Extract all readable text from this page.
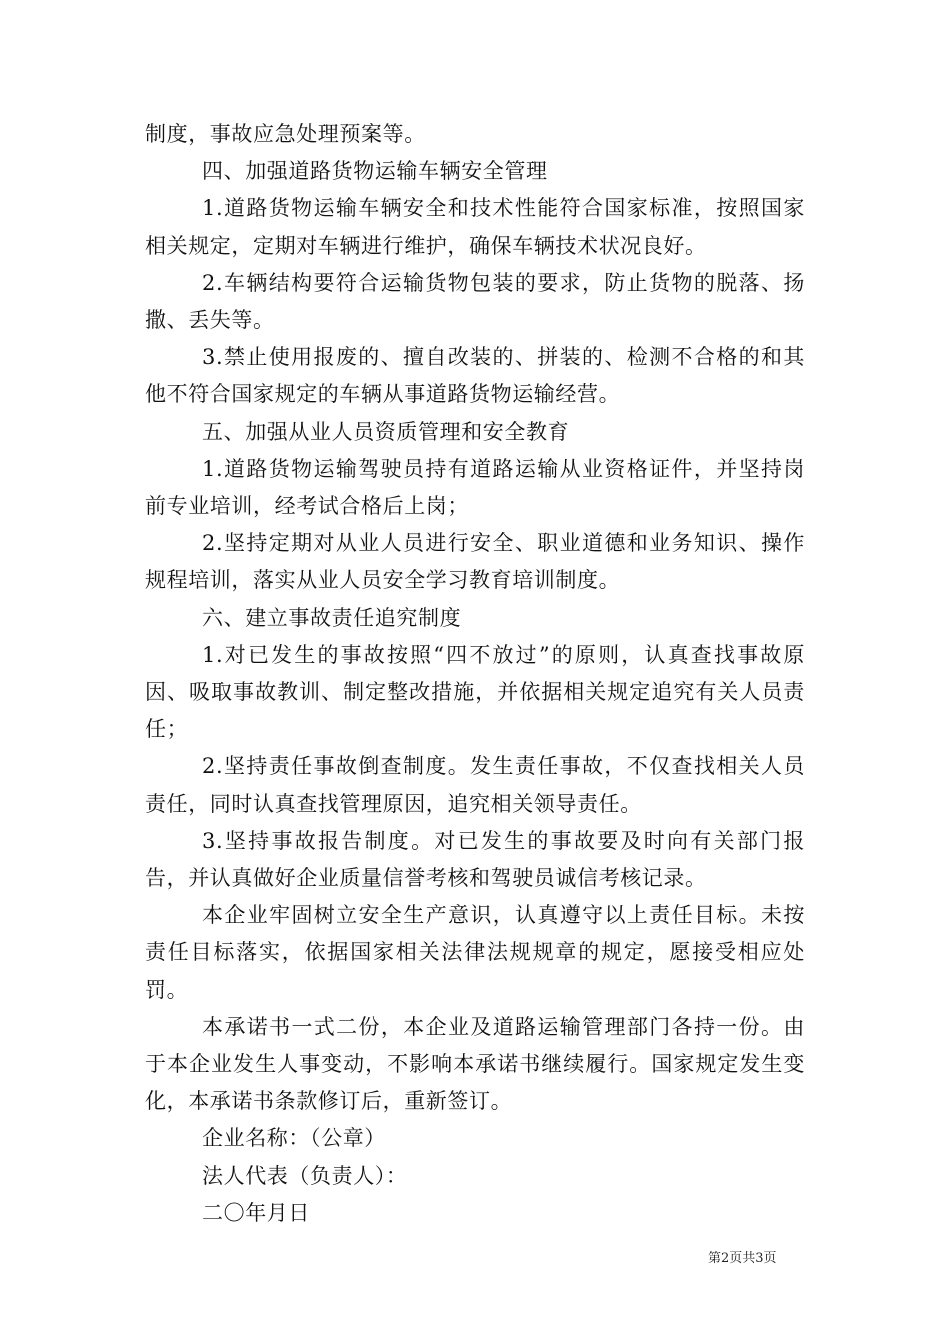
制度，事故应急处理预案等。

四、加强道路货物运输车辆安全管理

1.道路货物运输车辆安全和技术性能符合国家标准，按照国家相关规定，定期对车辆进行维护，确保车辆技术状况良好。

2.车辆结构要符合运输货物包装的要求，防止货物的脱落、扬撒、丢失等。

3.禁止使用报废的、擅自改装的、拼装的、检测不合格的和其他不符合国家规定的车辆从事道路货物运输经营。

五、加强从业人员资质管理和安全教育

1.道路货物运输驾驶员持有道路运输从业资格证件，并坚持岗前专业培训，经考试合格后上岗；

2.坚持定期对从业人员进行安全、职业道德和业务知识、操作规程培训，落实从业人员安全学习教育培训制度。

六、建立事故责任追究制度

1.对已发生的事故按照“四不放过”的原则，认真查找事故原因、吸取事故教训、制定整改措施，并依据相关规定追究有关人员责任；

2.坚持责任事故倒查制度。发生责任事故，不仅查找相关人员责任，同时认真查找管理原因，追究相关领导责任。

3.坚持事故报告制度。对已发生的事故要及时向有关部门报告，并认真做好企业质量信誉考核和驾驶员诚信考核记录。

本企业牢固树立安全生产意识，认真遵守以上责任目标。未按责任目标落实，依据国家相关法律法规规章的规定，愿接受相应处罚。

本承诺书一式二份，本企业及道路运输管理部门各持一份。由于本企业发生人事变动，不影响本承诺书继续履行。国家规定发生变化，本承诺书条款修订后，重新签订。

企业名称：（公章）

法人代表（负责人）：

二〇年月日

第2页共3页
